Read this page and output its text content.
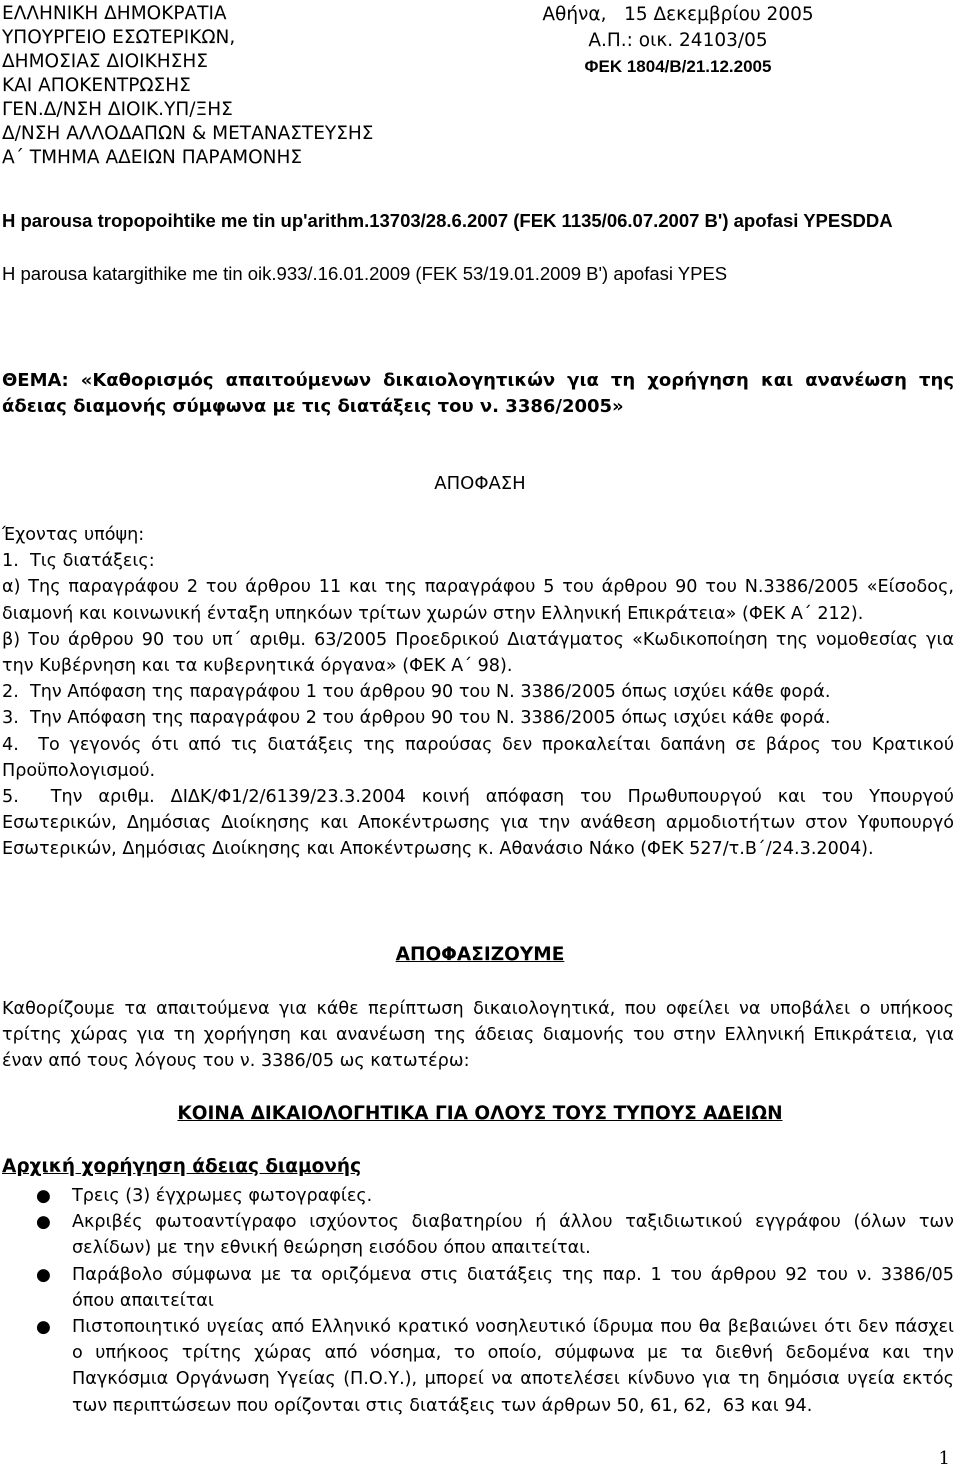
ΕΛΛΗΝΙΚΗ ΔΗΜΟΚΡΑΤΙΑ
ΥΠΟΥΡΓΕΙΟ ΕΣΩΤΕΡΙΚΩΝ,
ΔΗΜΟΣΙΑΣ ΔΙΟΙΚΗΣΗΣ
ΚΑΙ ΑΠΟΚΕΝΤΡΩΣΗΣ
ΓΕΝ.Δ/ΝΣΗ ΔΙΟΙΚ.ΥΠ/ΞΗΣ
Δ/ΝΣΗ ΑΛΛΟΔΑΠΩΝ & ΜΕΤΑΝΑΣΤΕΥΣΗΣ
Α΄ ΤΜΗΜΑ ΑΔΕΙΩΝ ΠΑΡΑΜΟΝΗΣ
Αθήνα,   15 Δεκεμβρίου 2005
Α.Π.: οικ. 24103/05
ΦΕΚ 1804/Β/21.12.2005
H parousa tropopoihtike me tin up'arithm.13703/28.6.2007 (FEK 1135/06.07.2007 B') apofasi YPESDDA
H parousa katargithike me tin oik.933/.16.01.2009 (FEK 53/19.01.2009 B') apofasi YPES
ΘΕΜΑ: «Καθορισμός απαιτούμενων δικαιολογητικών για τη χορήγηση και ανανέωση της άδειας διαμονής σύμφωνα με τις διατάξεις του ν. 3386/2005»
ΑΠΟΦΑΣΗ
Έχοντας υπόψη:
1.  Τις διατάξεις:
α) Της παραγράφου 2 του άρθρου 11 και της παραγράφου 5 του άρθρου 90 του Ν.3386/2005 «Είσοδος, διαμονή και κοινωνική ένταξη υπηκόων τρίτων χωρών στην Ελληνική Επικράτεια» (ΦΕΚ Α΄ 212).
β) Του άρθρου 90 του υπ΄ αριθμ. 63/2005 Προεδρικού Διατάγματος «Κωδικοποίηση της νομοθεσίας για την Κυβέρνηση και τα κυβερνητικά όργανα» (ΦΕΚ Α΄ 98).
2.  Την Απόφαση της παραγράφου 1 του άρθρου 90 του Ν. 3386/2005 όπως ισχύει κάθε φορά.
3.  Την Απόφαση της παραγράφου 2 του άρθρου 90 του Ν. 3386/2005 όπως ισχύει κάθε φορά.
4.  Το γεγονός ότι από τις διατάξεις της παρούσας δεν προκαλείται δαπάνη σε βάρος του Κρατικού Προϋπολογισμού.
5.  Την αριθμ. ΔΙΔΚ/Φ1/2/6139/23.3.2004 κοινή απόφαση του Πρωθυπουργού και του Υπουργού Εσωτερικών, Δημόσιας Διοίκησης και Αποκέντρωσης για την ανάθεση αρμοδιοτήτων στον Υφυπουργό Εσωτερικών, Δημόσιας Διοίκησης και Αποκέντρωσης κ. Αθανάσιο Νάκο (ΦΕΚ 527/τ.Β΄/24.3.2004).
ΑΠΟΦΑΣΙΖΟΥΜΕ
Καθορίζουμε τα απαιτούμενα για κάθε περίπτωση δικαιολογητικά, που οφείλει να υποβάλει ο υπήκοος τρίτης χώρας για τη χορήγηση και ανανέωση της άδειας διαμονής του στην Ελληνική Επικράτεια, για έναν από τους λόγους του ν. 3386/05 ως κατωτέρω:
ΚΟΙΝΑ ΔΙΚΑΙΟΛΟΓΗΤΙΚΑ ΓΙΑ ΟΛΟΥΣ ΤΟΥΣ ΤΥΠΟΥΣ ΑΔΕΙΩΝ
Αρχική χορήγηση άδειας διαμονής
● Τρεις (3) έγχρωμες φωτογραφίες.
● Ακριβές φωτοαντίγραφο ισχύοντος διαβατηρίου ή άλλου ταξιδιωτικού εγγράφου (όλων των σελίδων) με την εθνική θεώρηση εισόδου όπου απαιτείται.
● Παράβολο σύμφωνα με τα οριζόμενα στις διατάξεις της παρ. 1 του άρθρου 92 του ν. 3386/05 όπου απαιτείται
● Πιστοποιητικό υγείας από Ελληνικό κρατικό νοσηλευτικό ίδρυμα που θα βεβαιώνει ότι δεν πάσχει ο υπήκοος τρίτης χώρας από νόσημα, το οποίο, σύμφωνα με τα διεθνή δεδομένα και την Παγκόσμια Οργάνωση Υγείας (Π.Ο.Υ.), μπορεί να αποτελέσει κίνδυνο για τη δημόσια υγεία εκτός των περιπτώσεων που ορίζονται στις διατάξεις των άρθρων 50, 61, 62,  63 και 94.
1
